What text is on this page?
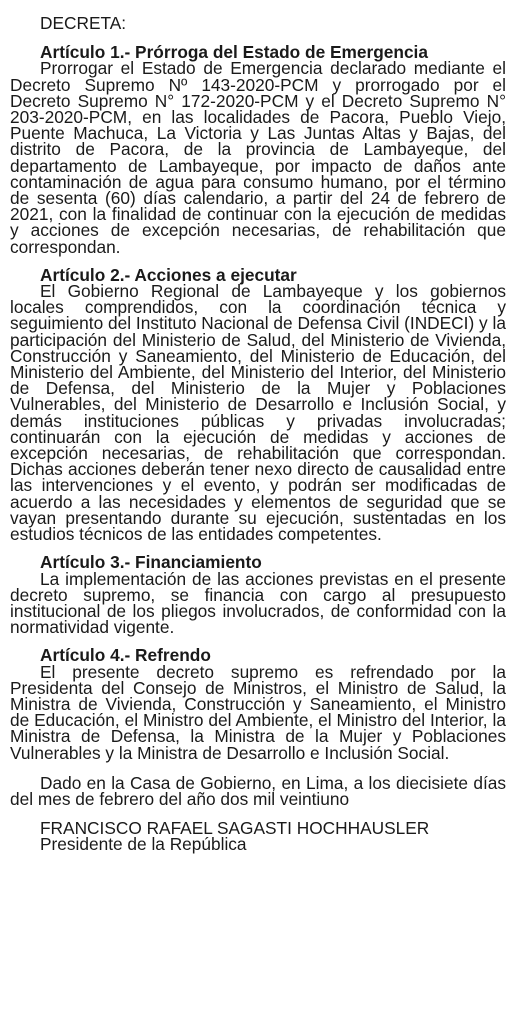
DECRETA:

Artículo 1.- Prórroga del Estado de Emergencia

Prorrogar el Estado de Emergencia declarado mediante el Decreto Supremo Nº 143-2020-PCM y prorrogado por el Decreto Supremo N° 172-2020-PCM y el Decreto Supremo N° 203-2020-PCM, en las localidades de Pacora, Pueblo Viejo, Puente Machuca, La Victoria y Las Juntas Altas y Bajas, del distrito de Pacora, de la provincia de Lambayeque, del departamento de Lambayeque, por impacto de daños ante contaminación de agua para consumo humano, por el término de sesenta (60) días calendario, a partir del 24 de febrero de 2021, con la finalidad de continuar con la ejecución de medidas y acciones de excepción necesarias, de rehabilitación que correspondan.

Artículo 2.- Acciones a ejecutar

El Gobierno Regional de Lambayeque y los gobiernos locales comprendidos, con la coordinación técnica y seguimiento del Instituto Nacional de Defensa Civil (INDECI) y la participación del Ministerio de Salud, del Ministerio de Vivienda, Construcción y Saneamiento, del Ministerio de Educación, del Ministerio del Ambiente, del Ministerio del Interior, del Ministerio de Defensa, del Ministerio de la Mujer y Poblaciones Vulnerables, del Ministerio de Desarrollo e Inclusión Social, y demás instituciones públicas y privadas involucradas; continuarán con la ejecución de medidas y acciones de excepción necesarias, de rehabilitación que correspondan. Dichas acciones deberán tener nexo directo de causalidad entre las intervenciones y el evento, y podrán ser modificadas de acuerdo a las necesidades y elementos de seguridad que se vayan presentando durante su ejecución, sustentadas en los estudios técnicos de las entidades competentes.

Artículo 3.- Financiamiento

La implementación de las acciones previstas en el presente decreto supremo, se financia con cargo al presupuesto institucional de los pliegos involucrados, de conformidad con la normatividad vigente.

Artículo 4.- Refrendo

El presente decreto supremo es refrendado por la Presidenta del Consejo de Ministros, el Ministro de Salud, la Ministra de Vivienda, Construcción y Saneamiento, el Ministro de Educación, el Ministro del Ambiente, el Ministro del Interior, la Ministra de Defensa, la Ministra de la Mujer y Poblaciones Vulnerables y la Ministra de Desarrollo e Inclusión Social.

Dado en la Casa de Gobierno, en Lima, a los diecisiete días del mes de febrero del año dos mil veintiuno

FRANCISCO RAFAEL SAGASTI HOCHHAUSLER
Presidente de la República
